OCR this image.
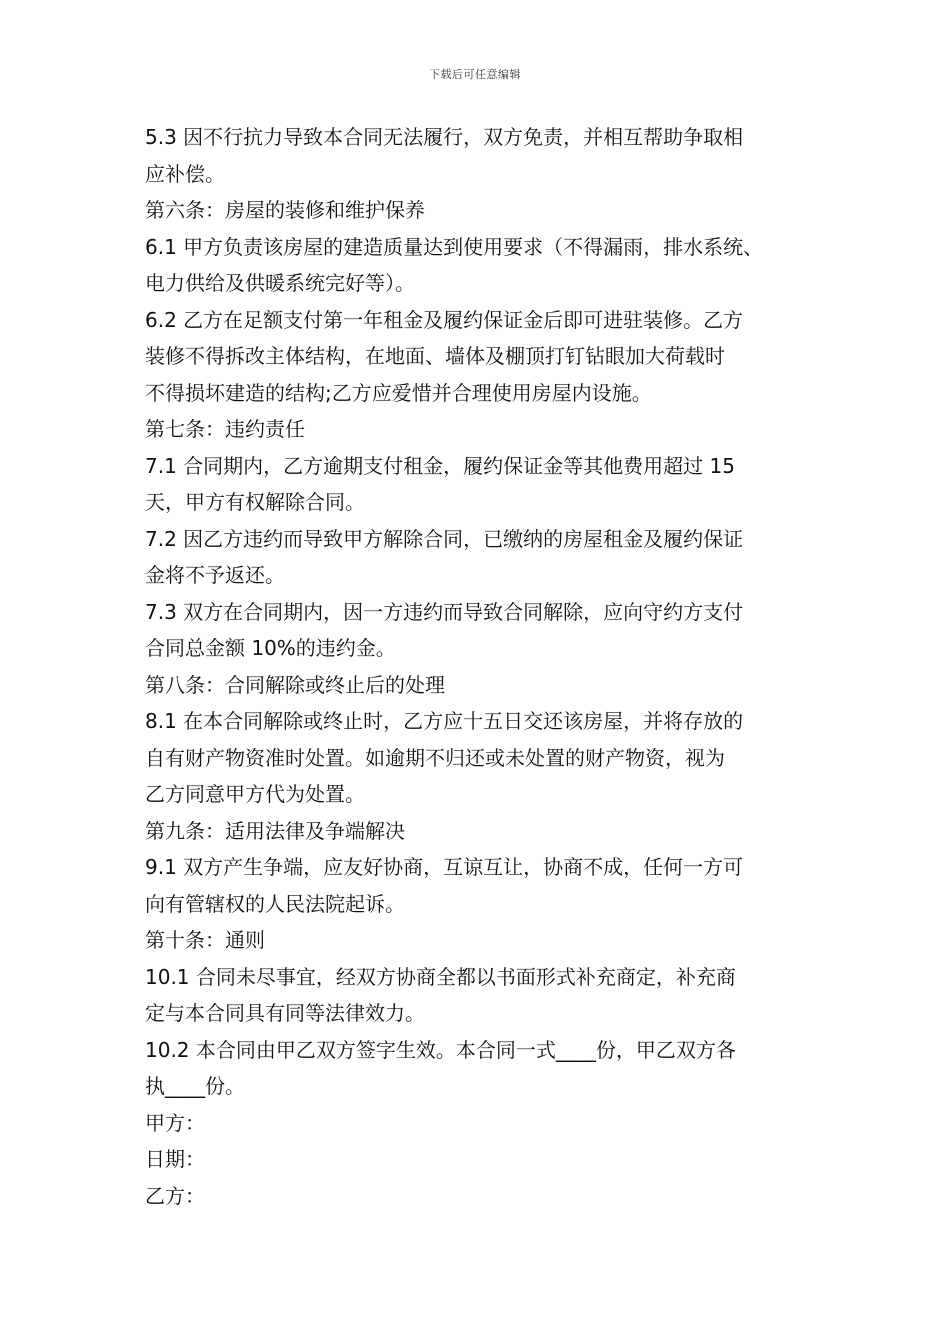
下载后可任意编辑
5.3 因不行抗力导致本合同无法履行，双方免责，并相互帮助争取相
应补偿。
第六条：房屋的装修和维护保养
6.1 甲方负责该房屋的建造质量达到使用要求（不得漏雨，排水系统、
电力供给及供暖系统完好等）。
6.2 乙方在足额支付第一年租金及履约保证金后即可进驻装修。乙方
装修不得拆改主体结构，在地面、墙体及棚顶打钉钻眼加大荷载时
不得损坏建造的结构;乙方应爱惜并合理使用房屋内设施。
第七条：违约责任
7.1 合同期内，乙方逾期支付租金，履约保证金等其他费用超过 15
天，甲方有权解除合同。
7.2 因乙方违约而导致甲方解除合同，已缴纳的房屋租金及履约保证
金将不予返还。
7.3 双方在合同期内，因一方违约而导致合同解除，应向守约方支付
合同总金额 10%的违约金。
第八条：合同解除或终止后的处理
8.1 在本合同解除或终止时，乙方应十五日交还该房屋，并将存放的
自有财产物资准时处置。如逾期不归还或未处置的财产物资，视为
乙方同意甲方代为处置。
第九条：适用法律及争端解决
9.1 双方产生争端，应友好协商，互谅互让，协商不成，任何一方可
向有管辖权的人民法院起诉。
第十条：通则
10.1 合同未尽事宜，经双方协商全都以书面形式补充商定，补充商
定与本合同具有同等法律效力。
10.2 本合同由甲乙双方签字生效。本合同一式____份，甲乙双方各
执____份。
甲方：
日期：
乙方：
